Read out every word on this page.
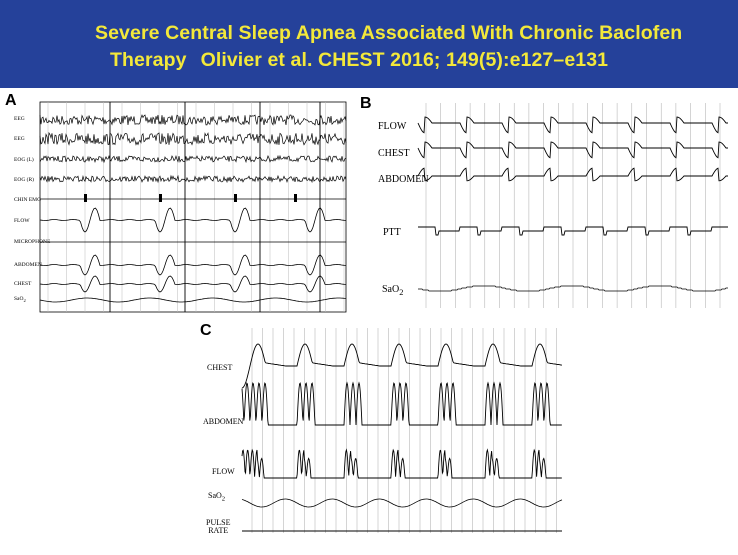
Severe Central Sleep Apnea Associated With Chronic Baclofen
Therapy Olivier et al. CHEST 2016; 149(5):e127–e131
A
EEG
EEG
EOG (L)
EOG (R)
CHIN EMG
FLOW
MICROPHONE
ABDOMEN
CHEST
SaO$_2$
B
FLOW
CHEST
ABDOMEN
PTT
SaO$_2$
C
CHEST
ABDOMEN
FLOW
SaO$_2$
PULSE
RATE
